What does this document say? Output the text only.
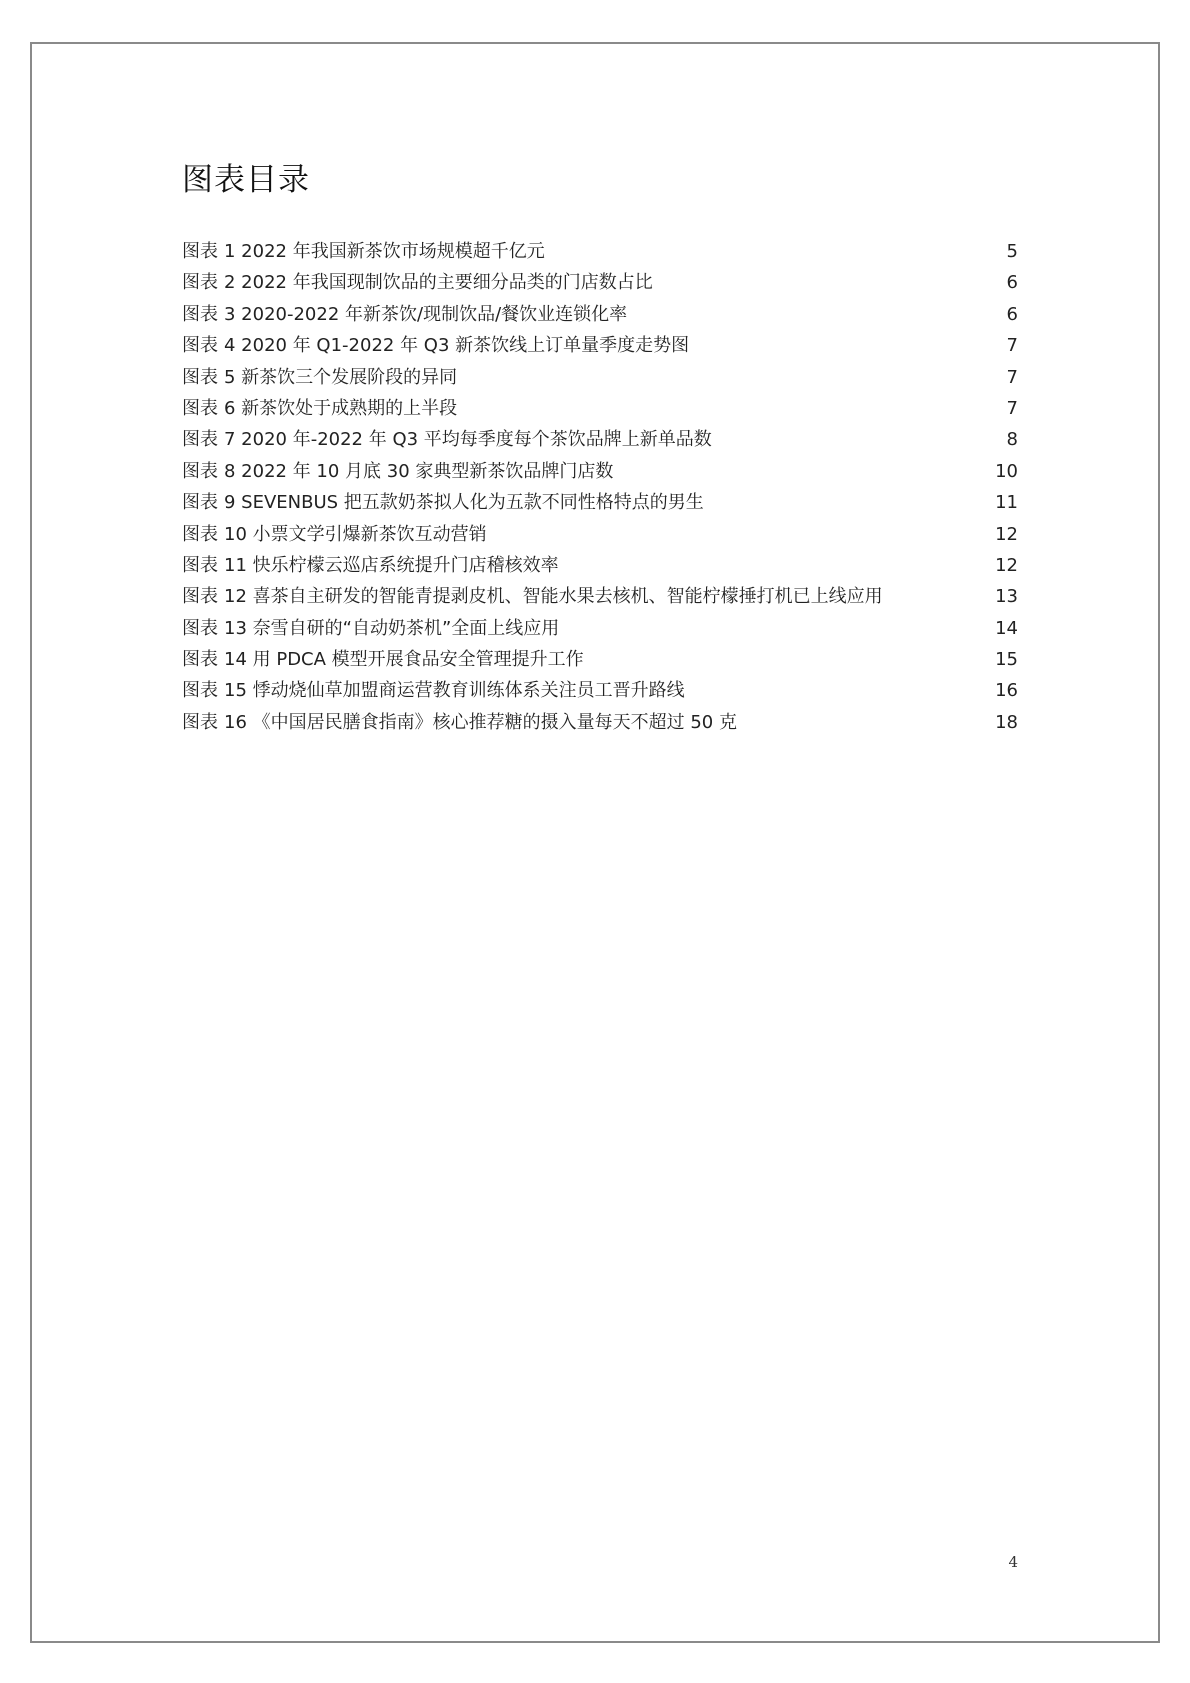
图表目录
图表 1 2022 年我国新茶饮市场规模超千亿元	5
图表 2 2022 年我国现制饮品的主要细分品类的门店数占比	6
图表 3 2020-2022 年新茶饮/现制饮品/餐饮业连锁化率	6
图表 4 2020 年 Q1-2022 年 Q3 新茶饮线上订单量季度走势图	7
图表 5 新茶饮三个发展阶段的异同	7
图表 6 新茶饮处于成熟期的上半段	7
图表 7 2020 年-2022 年 Q3 平均每季度每个茶饮品牌上新单品数	8
图表 8 2022 年 10 月底 30 家典型新茶饮品牌门店数	10
图表 9 SEVENBUS 把五款奶茶拟人化为五款不同性格特点的男生	11
图表 10 小票文学引爆新茶饮互动营销	12
图表 11 快乐柠檬云巡店系统提升门店稽核效率	12
图表 12 喜茶自主研发的智能青提剥皮机、智能水果去核机、智能柠檬捶打机已上线应用	13
图表 13 奈雪自研的“自动奶茶机”全面上线应用	14
图表 14 用 PDCA 模型开展食品安全管理提升工作	15
图表 15 悸动烧仙草加盟商运营教育训练体系关注员工晋升路线	16
图表 16 《中国居民膳食指南》核心推荐糖的摄入量每天不超过 50 克	18
4
